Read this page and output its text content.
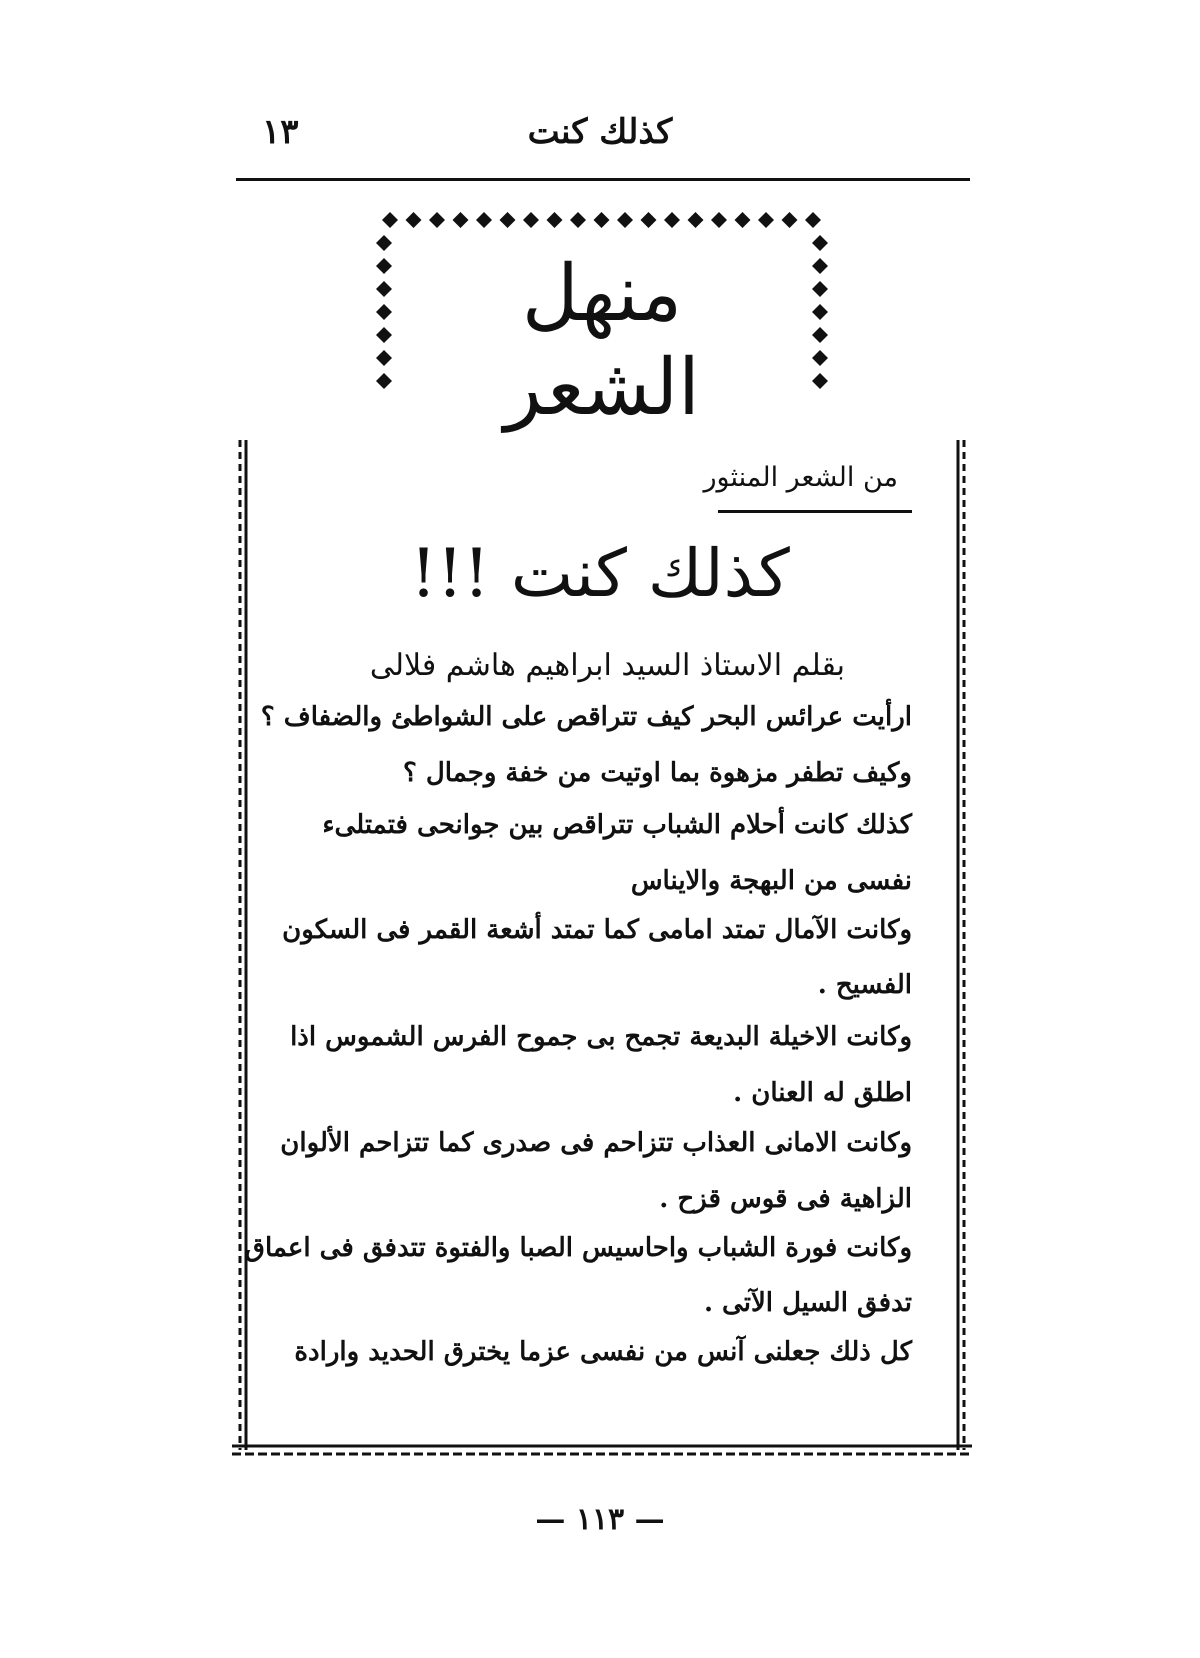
كذلك كنت
١٣
منهل الشعر
من الشعر المنثور
كذلك كنت !!!
بقلم الاستاذ السيد ابراهيم هاشم فلالى
ارأيت عرائس البحر كيف تتراقص على الشواطئ والضفاف ؟
وكيف تطفر مزهوة بما اوتيت من خفة وجمال ؟
كذلك كانت أحلام الشباب تتراقص بين جوانحى فتمتلىء
نفسى من البهجة والايناس
وكانت الآمال تمتد امامى كما تمتد أشعة القمر فى السكون
الفسيح .
وكانت الاخيلة البديعة تجمح بى جموح الفرس الشموس اذا
اطلق له العنان .
وكانت الامانى العذاب تتزاحم فى صدرى كما تتزاحم الألوان
الزاهية فى قوس قزح .
وكانت فورة الشباب واحاسيس الصبا والفتوة تتدفق فى اعماق
تدفق السيل الآتى .
كل ذلك جعلنى آنس من نفسى عزما يخترق الحديد وارادة
— ١١٣ —
